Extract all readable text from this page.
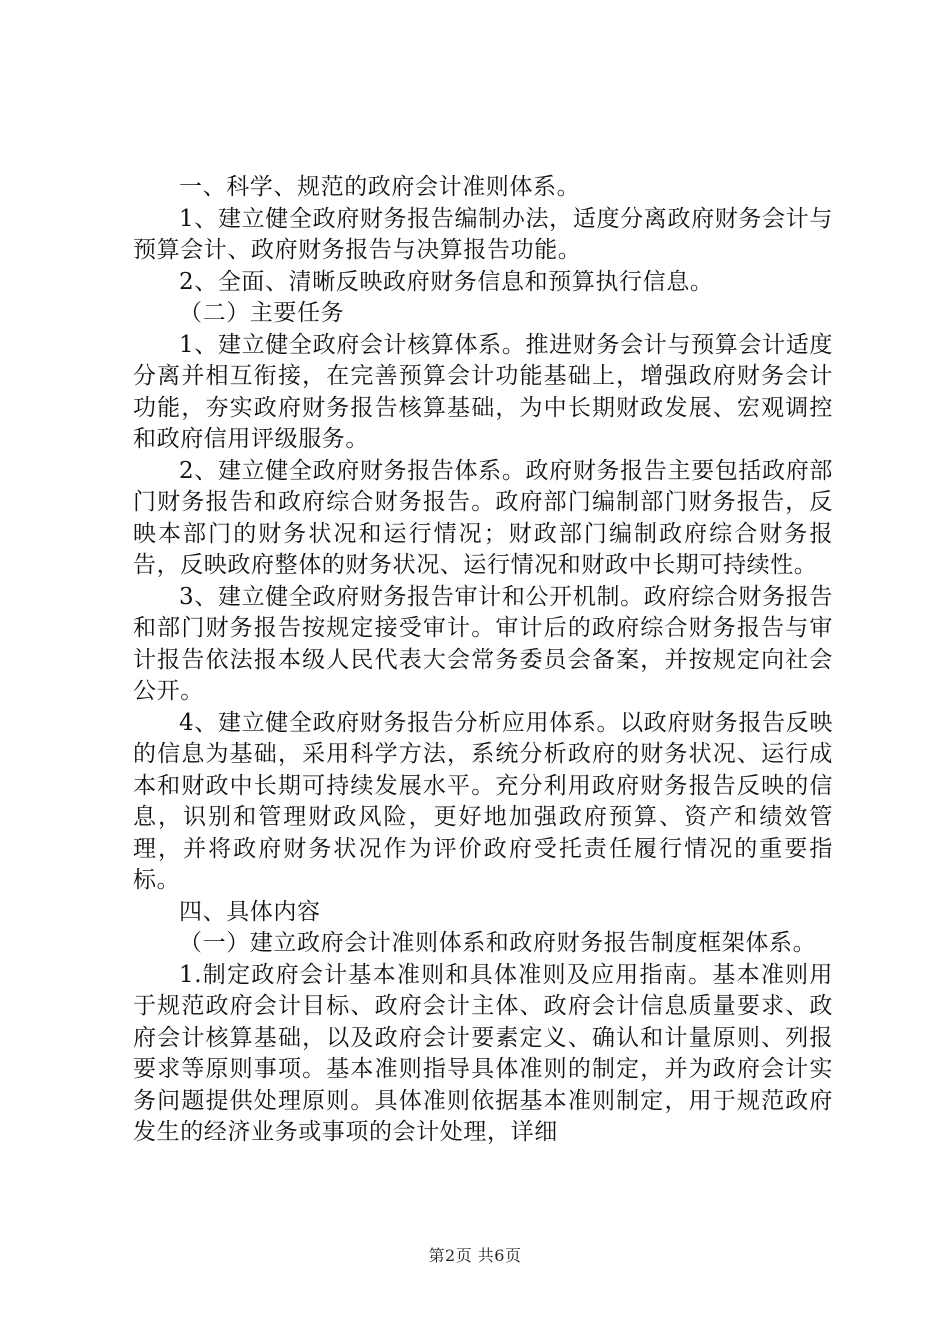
一、科学、规范的政府会计准则体系。

1、建立健全政府财务报告编制办法，适度分离政府财务会计与预算会计、政府财务报告与决算报告功能。

2、全面、清晰反映政府财务信息和预算执行信息。

（二）主要任务

1、建立健全政府会计核算体系。推进财务会计与预算会计适度分离并相互衔接，在完善预算会计功能基础上，增强政府财务会计功能，夯实政府财务报告核算基础，为中长期财政发展、宏观调控和政府信用评级服务。

2、建立健全政府财务报告体系。政府财务报告主要包括政府部门财务报告和政府综合财务报告。政府部门编制部门财务报告，反映本部门的财务状况和运行情况；财政部门编制政府综合财务报告，反映政府整体的财务状况、运行情况和财政中长期可持续性。

3、建立健全政府财务报告审计和公开机制。政府综合财务报告和部门财务报告按规定接受审计。审计后的政府综合财务报告与审计报告依法报本级人民代表大会常务委员会备案，并按规定向社会公开。

4、建立健全政府财务报告分析应用体系。以政府财务报告反映的信息为基础，采用科学方法，系统分析政府的财务状况、运行成本和财政中长期可持续发展水平。充分利用政府财务报告反映的信息，识别和管理财政风险，更好地加强政府预算、资产和绩效管理，并将政府财务状况作为评价政府受托责任履行情况的重要指标。

四、具体内容

（一）建立政府会计准则体系和政府财务报告制度框架体系。

1.制定政府会计基本准则和具体准则及应用指南。基本准则用于规范政府会计目标、政府会计主体、政府会计信息质量要求、政府会计核算基础，以及政府会计要素定义、确认和计量原则、列报要求等原则事项。基本准则指导具体准则的制定，并为政府会计实务问题提供处理原则。具体准则依据基本准则制定，用于规范政府发生的经济业务或事项的会计处理，详细

第2页 共6页
